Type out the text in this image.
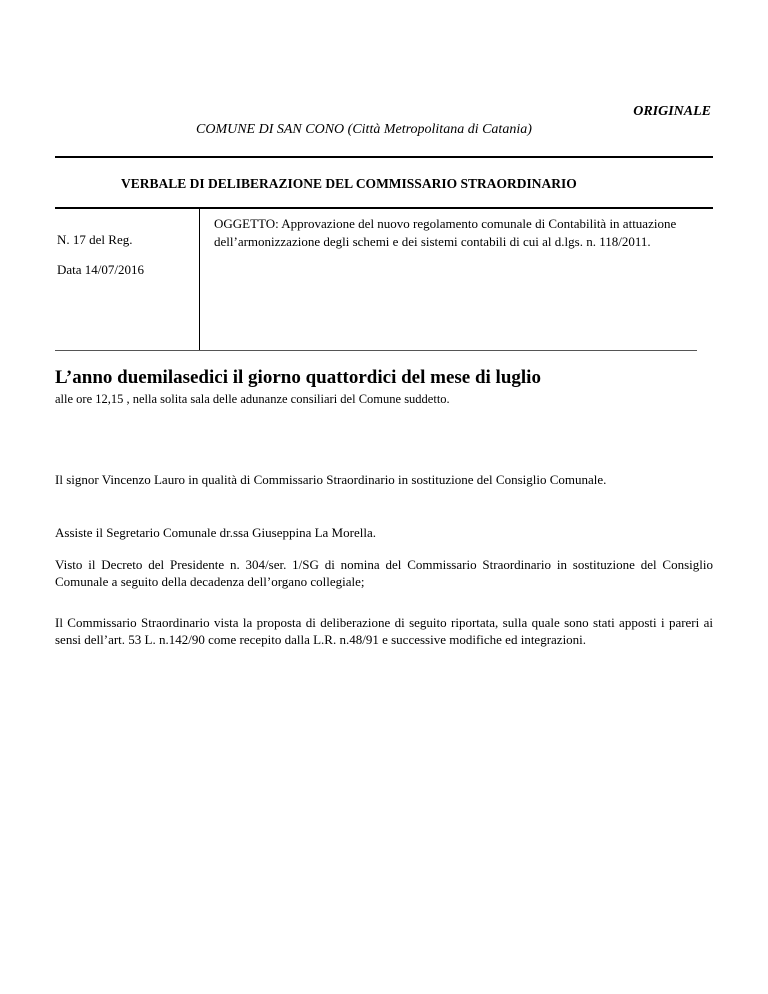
ORIGINALE
COMUNE DI SAN CONO (Città Metropolitana di Catania)
VERBALE DI DELIBERAZIONE DEL COMMISSARIO STRAORDINARIO
N. 17 del Reg.
Data 14/07/2016
OGGETTO: Approvazione del nuovo regolamento comunale di Contabilità in attuazione dell’armonizzazione degli schemi e dei sistemi contabili di cui al d.lgs. n. 118/2011.
L’anno duemilasedici il giorno quattordici del mese di luglio
alle ore 12,15 , nella solita sala delle adunanze consiliari del Comune suddetto.
Il signor Vincenzo Lauro in qualità di Commissario Straordinario in sostituzione del Consiglio Comunale.
Assiste il Segretario Comunale dr.ssa Giuseppina La Morella.
Visto il Decreto del Presidente n. 304/ser. 1/SG di nomina del Commissario Straordinario in sostituzione del Consiglio Comunale a seguito della decadenza dell’organo collegiale;
Il Commissario Straordinario vista la proposta di deliberazione di seguito riportata, sulla quale sono stati apposti i pareri ai sensi dell’art. 53 L. n.142/90 come recepito dalla L.R. n.48/91 e successive modifiche ed integrazioni.
